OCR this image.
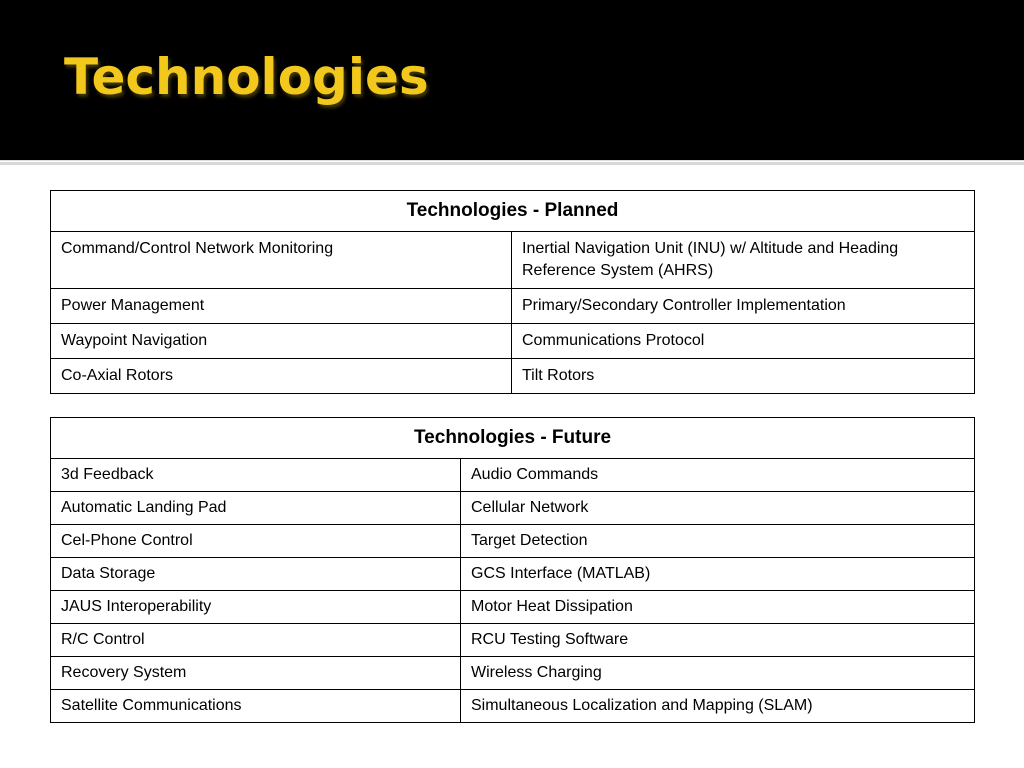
Technologies
Technologies - Planned	
Command/Control Network Monitoring	Inertial Navigation Unit (INU) w/ Altitude and Heading Reference System (AHRS)
Power Management	Primary/Secondary Controller Implementation
Waypoint Navigation	Communications Protocol
Co-Axial Rotors	Tilt Rotors
Technologies - Future	
3d Feedback	Audio Commands
Automatic Landing Pad	Cellular Network
Cel-Phone Control	Target Detection
Data Storage	GCS Interface (MATLAB)
JAUS Interoperability	Motor Heat Dissipation
R/C Control	RCU Testing Software
Recovery System	Wireless Charging
Satellite Communications	Simultaneous Localization and Mapping (SLAM)
